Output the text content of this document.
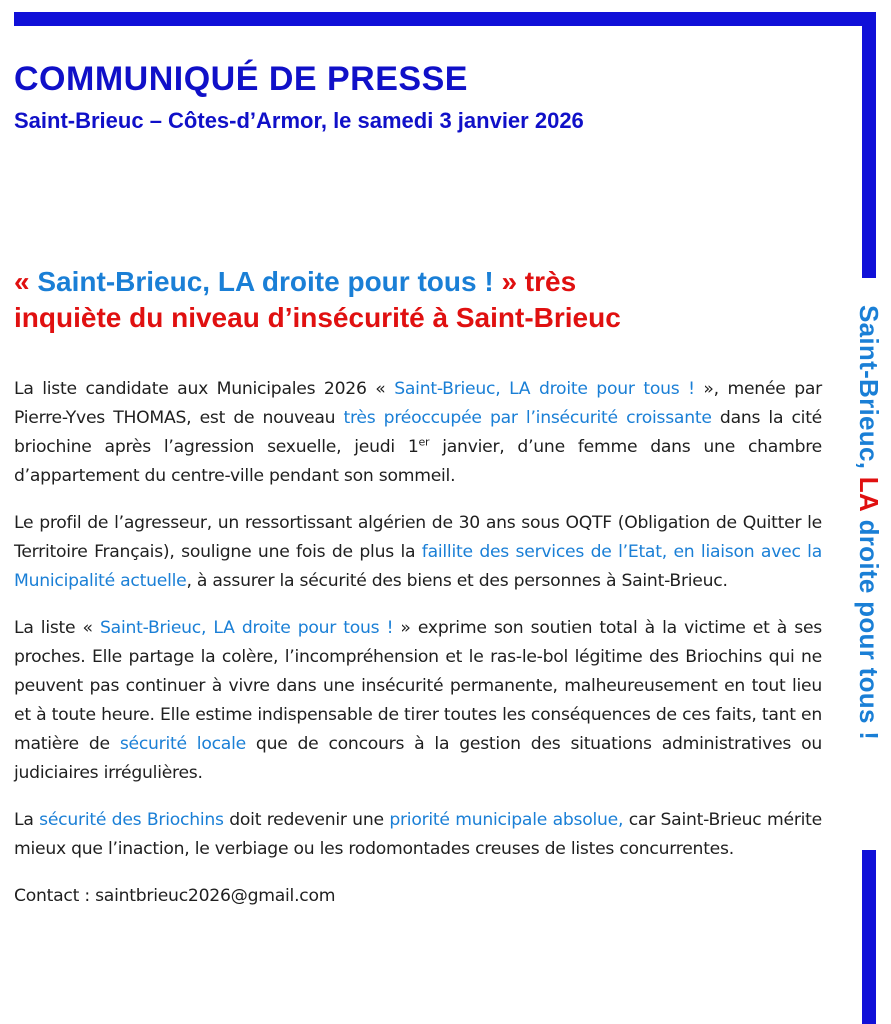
Saint-Brieuc, LA droite pour tous !
COMMUNIQUÉ DE PRESSE
Saint-Brieuc – Côtes-d’Armor, le samedi 3 janvier 2026
« Saint-Brieuc, LA droite pour tous ! » très
inquiète du niveau d’insécurité à Saint-Brieuc

La liste candidate aux Municipales 2026 « Saint-Brieuc, LA droite pour tous ! », menée par Pierre-Yves THOMAS, est de nouveau très préoccupée par l’insécurité croissante dans la cité briochine après l’agression sexuelle, jeudi 1er janvier, d’une femme dans une chambre d’appartement du centre-ville pendant son sommeil.

Le profil de l’agresseur, un ressortissant algérien de 30 ans sous OQTF (Obligation de Quitter le Territoire Français), souligne une fois de plus la faillite des services de l’Etat, en liaison avec la Municipalité actuelle, à assurer la sécurité des biens et des personnes à Saint-Brieuc.

La liste « Saint-Brieuc, LA droite pour tous ! » exprime son soutien total à la victime et à ses proches. Elle partage la colère, l’incompréhension et le ras-le-bol légitime des Briochins qui ne peuvent pas continuer à vivre dans une insécurité permanente, malheureusement en tout lieu et à toute heure. Elle estime indispensable de tirer toutes les conséquences de ces faits, tant en matière de sécurité locale que de concours à la gestion des situations administratives ou judiciaires irrégulières.

La sécurité des Briochins doit redevenir une priorité municipale absolue, car Saint-Brieuc mérite mieux que l’inaction, le verbiage ou les rodomontades creuses de listes concurrentes.

Contact : saintbrieuc2026@gmail.com
